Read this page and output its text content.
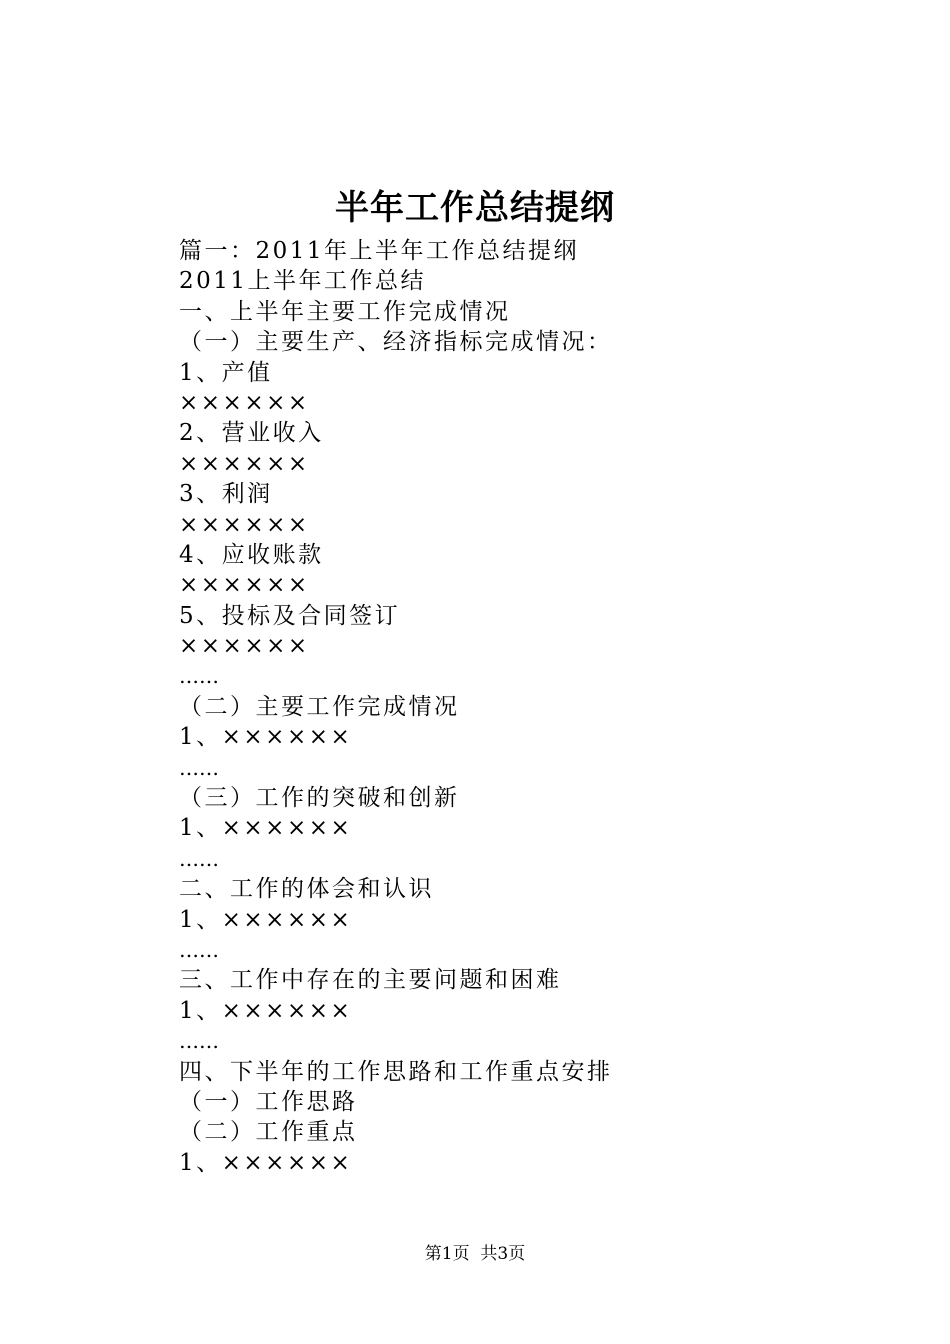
半年工作总结提纲
篇一：2011年上半年工作总结提纲
2011上半年工作总结
一、上半年主要工作完成情况
（一）主要生产、经济指标完成情况：
1、产值
××××××
2、营业收入
××××××
3、利润
××××××
4、应收账款
××××××
5、投标及合同签订
××××××
……
（二）主要工作完成情况
1、××××××
……
（三）工作的突破和创新
1、××××××
……
二、工作的体会和认识
1、××××××
……
三、工作中存在的主要问题和困难
1、××××××
……
四、下半年的工作思路和工作重点安排
（一）工作思路
（二）工作重点
1、××××××
第1页  共3页
